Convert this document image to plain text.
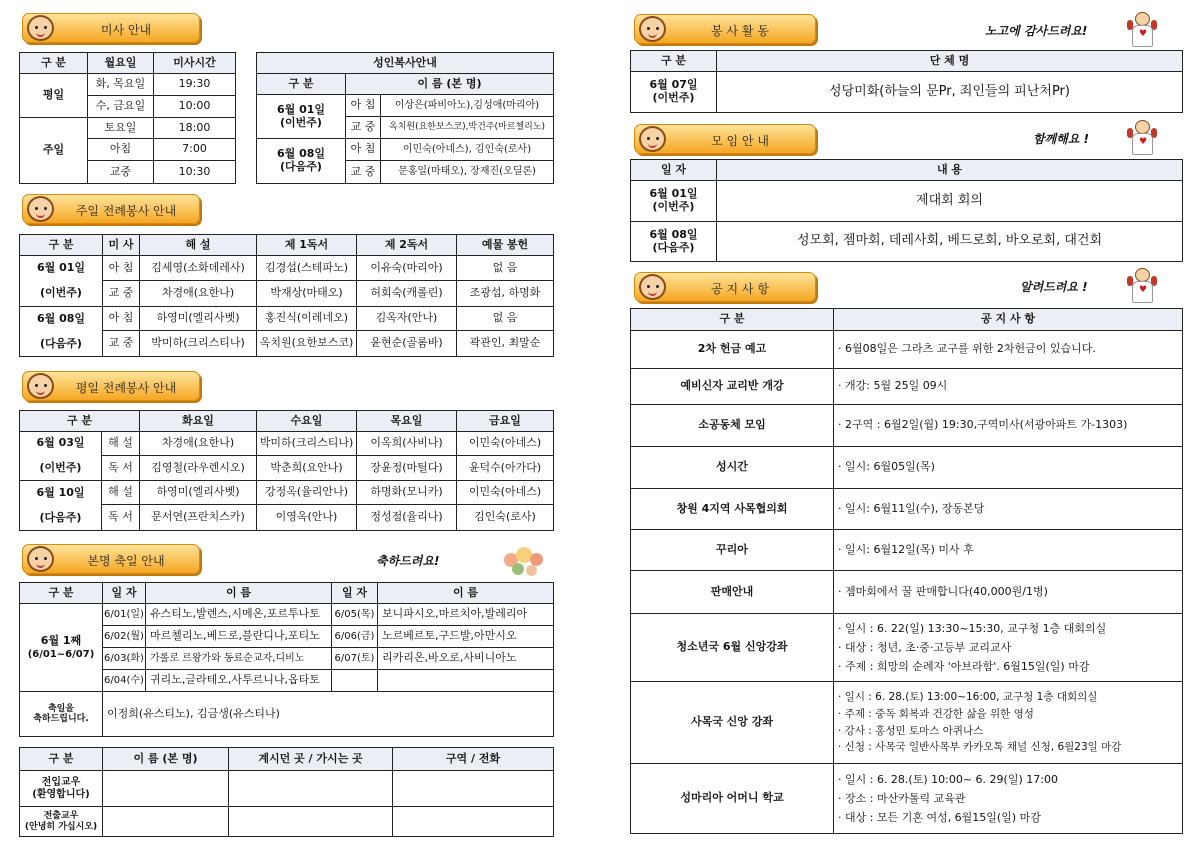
미사 안내
구 분	월요일	미사시간
평일	화, 목요일	19:30
	수, 금요일	10:00
주일	토요일	18:00
	아침	7:00
	교중	10:30
성인복사안내		
구 분	이 름 (본 명)	
6월 01일
(이번주)	아 침	이상은(파비아노),김성애(마리아)
	교 중	옥치원(요한보스코),박건주(마르첼리노)
6월 08일
(다음주)	아 침	이민숙(아네스), 김인숙(로사)
	교 중	문홍일(마태오), 장재진(오딜론)
주일 전례봉사 안내
구 분	미 사	해 설	제 1독서	제 2독서	예물 봉헌
6월 01일

(이번주)	아 침	김세영(소화데레사)	김경섭(스테파노)	이유숙(마리아)	없 음
	교 중	차경애(요한나)	박재상(마태오)	허회숙(캐롤린)	조광섭, 하명화
6월 08일

(다음주)	아 침	하영미(엘리사벳)	홍진식(이레네오)	김옥자(안나)	없 음
	교 중	박미하(크리스티나)	옥치원(요한보스코)	윤현순(골롬바)	곽관인, 최말순
평일 전례봉사 안내
구 분		화요일	수요일	목요일	금요일
6월 03일

(이번주)	해 설	차경애(요한나)	박미하(크리스티나)	이옥희(사비나)	이민숙(아네스)
	독 서	김영철(라우렌시오)	박춘희(요안나)	장윤정(마틸다)	윤덕수(아가다)
6월 10일

(다음주)	해 설	하영미(엘리사벳)	강정옥(율리안나)	하명화(모니카)	이민숙(아네스)
	독 서	문서연(프란치스카)	이영옥(안나)	정성점(율리나)	김인숙(로사)
본명 축일 안내	축하드려요!
구 분	일 자	이 름	일 자	이 름
6월 1째
(6/01~6/07)	6/01(일)	유스티노,발렌스,시메온,포르투나토	6/05(목)	보니파시오,마르치아,발레리아
	6/02(월)	마르첼리노,베드로,블란디나,포티노	6/06(금)	노르베르토,구드발,아만시오
	6/03(화)	가롤로 르왕가와 동료순교자,디비노	6/07(토)	리카리온,바오로,사비니아노
	6/04(수)	귀리노,글라테오,사투르니나,옵타토		
축일을
축하드립니다.	이정희(유스티노), 김금생(유스티나)			
구 분	이 름 (본 명)	계시던 곳 / 가시는 곳	구역 / 전화
전입교우
(환영합니다)			
전출교우
(안녕히 가십시오)			
봉 사 활 동	노고에 감사드려요!	♥
구 분	단 체 명
6월 07일
(이번주)	성당미화(하늘의 문Pr, 죄인들의 피난처Pr)
모 임 안 내	함께해요 !	♥
일 자	내 용
6월 01일
(이번주)	제대회 회의
6월 08일
(다음주)	성모회, 젬마회, 데레사회, 베드로회, 바오로회, 대건회
공 지 사 항	알려드려요 !	♥
구 분	공 지 사 항
2차 헌금 예고	· 6월08일은 그라츠 교구를 위한 2차헌금이 있습니다.
예비신자 교리반 개강	· 개강: 5월 25일 09시
소공동체 모임	· 2구역 : 6월2일(월) 19:30,구역미사(서광아파트 가-1303)
성시간	· 일시: 6월05일(목)
창원 4지역 사목협의회	· 일시: 6월11일(수), 장동본당
꾸리아	· 일시: 6월12일(목) 미사 후
판매안내	· 젬마회에서 꿀 판매합니다(40,000원/1병)
청소년국 6월 신앙강좌	· 일시 : 6. 22(일) 13:30~15:30, 교구청 1층 대회의실
· 대상 : 청년, 초·중·고등부 교리교사
· 주제 : 희망의 순례자 '아브라함'. 6월15일(일) 마감

사목국 신앙 강좌	· 일시 : 6. 28.(토) 13:00~16:00, 교구청 1층 대회의실
· 주제 : 중독 회복과 건강한 삶을 위한 영성
· 강사 : 홍성민 토마스 아퀴나스
· 신청 : 사목국 일반사목부 카카오톡 채널 신청, 6월23일 마감

성마리아 어머니 학교	· 일시 : 6. 28.(토) 10:00~ 6. 29(일) 17:00
· 장소 : 마산카톨릭 교육관
· 대상 : 모든 기혼 여성, 6월15일(일) 마감
